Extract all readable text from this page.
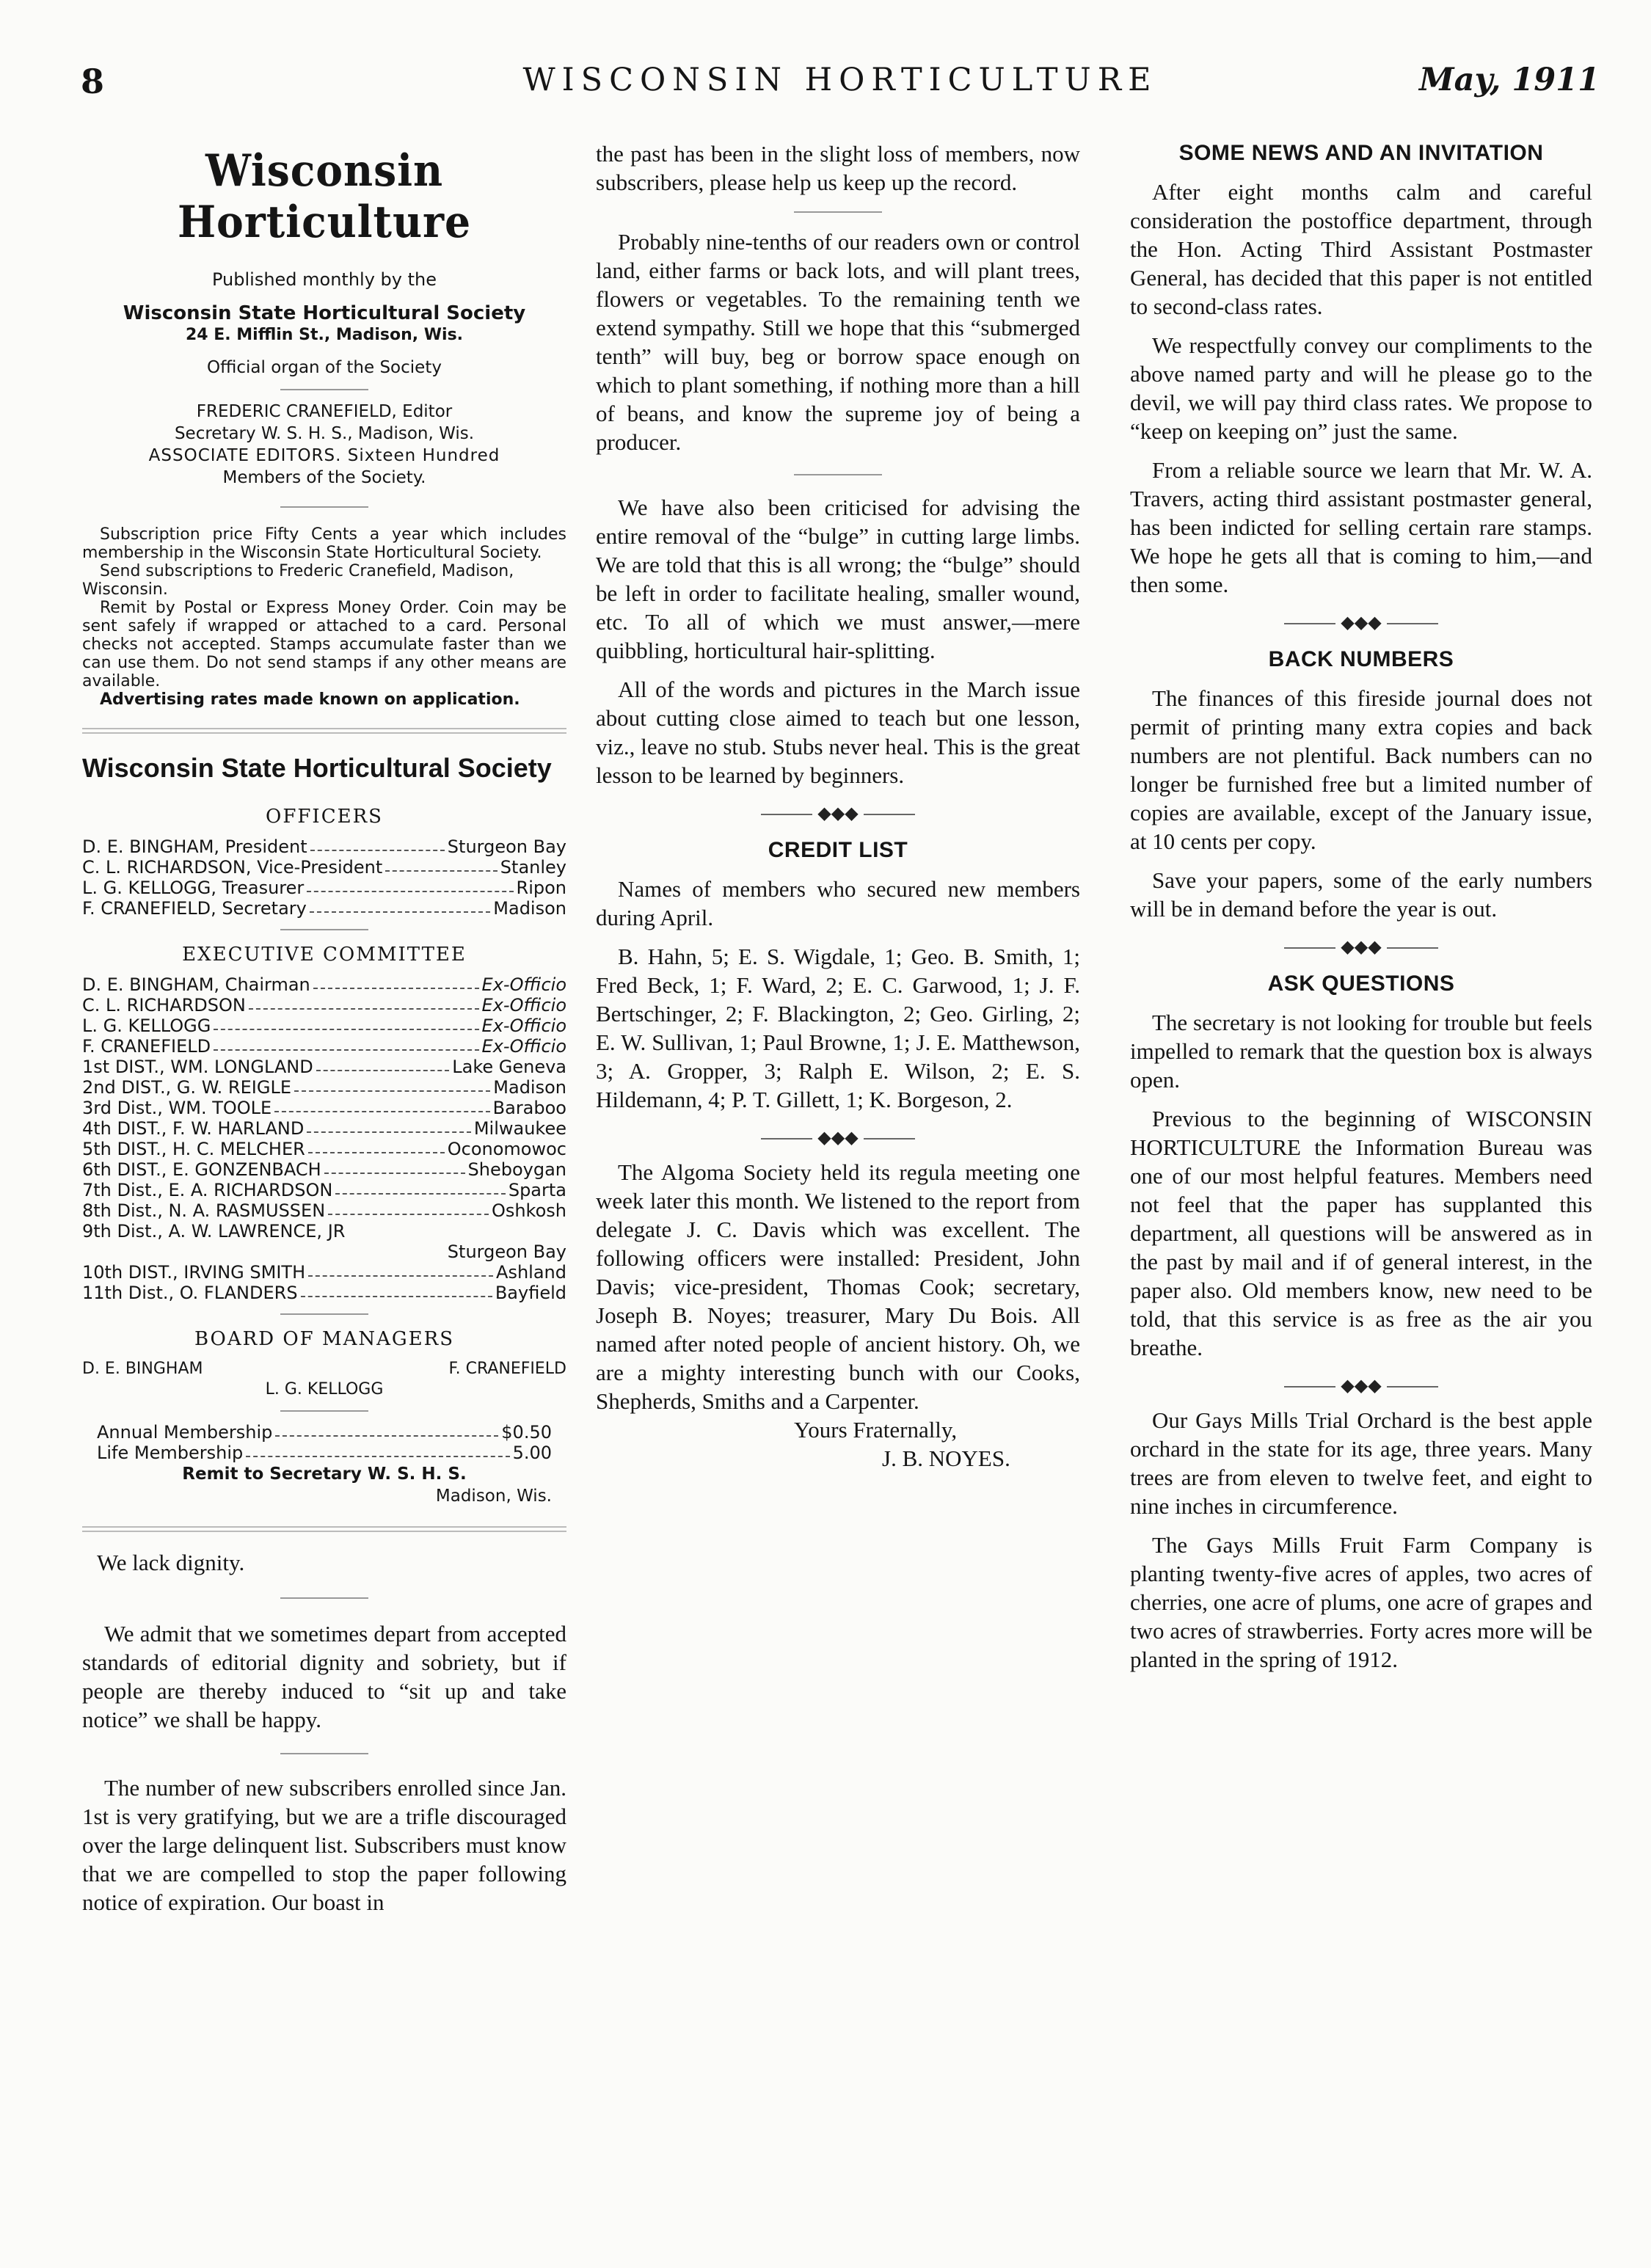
8	WISCONSIN HORTICULTURE	May, 1911
Wisconsin Horticulture
Published monthly by the
Wisconsin State Horticultural Society
24 E. Mifflin St., Madison, Wis.
Official organ of the Society
FREDERIC CRANEFIELD, Editor
Secretary W. S. H. S., Madison, Wis.
ASSOCIATE EDITORS. Sixteen Hundred
Members of the Society.
Subscription price Fifty Cents a year which includes membership in the Wisconsin State Horticultural Society.
Send subscriptions to Frederic Cranefield, Madison, Wisconsin.
Remit by Postal or Express Money Order. Coin may be sent safely if wrapped or attached to a card. Personal checks not accepted. Stamps accumulate faster than we can use them. Do not send stamps if any other means are available.
Advertising rates made known on application.
Wisconsin State Horticultural Society
OFFICERS
D. E. BINGHAM, President	Sturgeon Bay
C. L. RICHARDSON, Vice-President	Stanley
L. G. KELLOGG, Treasurer	Ripon
F. CRANEFIELD, Secretary	Madison
EXECUTIVE COMMITTEE
D. E. BINGHAM, Chairman	Ex-Officio
C. L. RICHARDSON	Ex-Officio
L. G. KELLOGG	Ex-Officio
F. CRANEFIELD	Ex-Officio
1st DIST., WM. LONGLAND	Lake Geneva
2nd DIST., G. W. REIGLE	Madison
3rd Dist., WM. TOOLE	Baraboo
4th DIST., F. W. HARLAND	Milwaukee
5th DIST., H. C. MELCHER	Oconomowoc
6th DIST., E. GONZENBACH	Sheboygan
7th Dist., E. A. RICHARDSON	Sparta
8th Dist., N. A. RASMUSSEN	Oshkosh
9th Dist., A. W. LAWRENCE, JR
Sturgeon Bay
10th DIST., IRVING SMITH	Ashland
11th Dist., O. FLANDERS	Bayfield
BOARD OF MANAGERS
D. E. BINGHAM	F. CRANEFIELD
L. G. KELLOGG
Annual Membership	$0.50
Life Membership	5.00
Remit to Secretary W. S. H. S.
Madison, Wis.

We lack dignity.

We admit that we sometimes depart from accepted standards of editorial dignity and sobriety, but if people are thereby induced to “sit up and take notice” we shall be happy.

The number of new subscribers enrolled since Jan. 1st is very gratifying, but we are a trifle discouraged over the large delinquent list. Subscribers must know that we are compelled to stop the paper following notice of expiration. Our boast in

the past has been in the slight loss of members, now subscribers, please help us keep up the record.

Probably nine-tenths of our readers own or control land, either farms or back lots, and will plant trees, flowers or vegetables. To the remaining tenth we extend sympathy. Still we hope that this “submerged tenth” will buy, beg or borrow space enough on which to plant something, if nothing more than a hill of beans, and know the supreme joy of being a producer.

We have also been criticised for advising the entire removal of the “bulge” in cutting large limbs. We are told that this is all wrong; the “bulge” should be left in order to facilitate healing, smaller wound, etc. To all of which we must answer,—mere quibbling, horticultural hair-splitting.

All of the words and pictures in the March issue about cutting close aimed to teach but one lesson, viz., leave no stub. Stubs never heal. This is the great lesson to be learned by beginners.

◆◆◆
CREDIT LIST

Names of members who secured new members during April.

B. Hahn, 5; E. S. Wigdale, 1; Geo. B. Smith, 1; Fred Beck, 1; F. Ward, 2; E. C. Garwood, 1; J. F. Bertschinger, 2; F. Blackington, 2; Geo. Girling, 2; E. W. Sullivan, 1; Paul Browne, 1; J. E. Matthewson, 3; A. Gropper, 3; Ralph E. Wilson, 2; E. S. Hildemann, 4; P. T. Gillett, 1; K. Borgeson, 2.

◆◆◆

The Algoma Society held its regula meeting one week later this month. We listened to the report from delegate J. C. Davis which was excellent. The following officers were installed: President, John Davis; vice-president, Thomas Cook; secretary, Joseph B. Noyes; treasurer, Mary Du Bois. All named after noted people of ancient history. Oh, we are a mighty interesting bunch with our Cooks, Shepherds, Smiths and a Carpenter.

Yours Fraternally,
J. B. NOYES.
SOME NEWS AND AN INVITATION

After eight months calm and careful consideration the postoffice department, through the Hon. Acting Third Assistant Postmaster General, has decided that this paper is not entitled to second-class rates.

We respectfully convey our compliments to the above named party and will he please go to the devil, we will pay third class rates. We propose to “keep on keeping on” just the same.

From a reliable source we learn that Mr. W. A. Travers, acting third assistant postmaster general, has been indicted for selling certain rare stamps. We hope he gets all that is coming to him,—and then some.

◆◆◆
BACK NUMBERS

The finances of this fireside journal does not permit of printing many extra copies and back numbers are not plentiful. Back numbers can no longer be furnished free but a limited number of copies are available, except of the January issue, at 10 cents per copy.

Save your papers, some of the early numbers will be in demand before the year is out.

◆◆◆
ASK QUESTIONS

The secretary is not looking for trouble but feels impelled to remark that the question box is always open.

Previous to the beginning of WISCONSIN HORTICULTURE the Information Bureau was one of our most helpful features. Members need not feel that the paper has supplanted this department, all questions will be answered as in the past by mail and if of general interest, in the paper also. Old members know, new need to be told, that this service is as free as the air you breathe.

◆◆◆

Our Gays Mills Trial Orchard is the best apple orchard in the state for its age, three years. Many trees are from eleven to twelve feet, and eight to nine inches in circumference.

The Gays Mills Fruit Farm Company is planting twenty-five acres of apples, two acres of cherries, one acre of plums, one acre of grapes and two acres of strawberries. Forty acres more will be planted in the spring of 1912.
